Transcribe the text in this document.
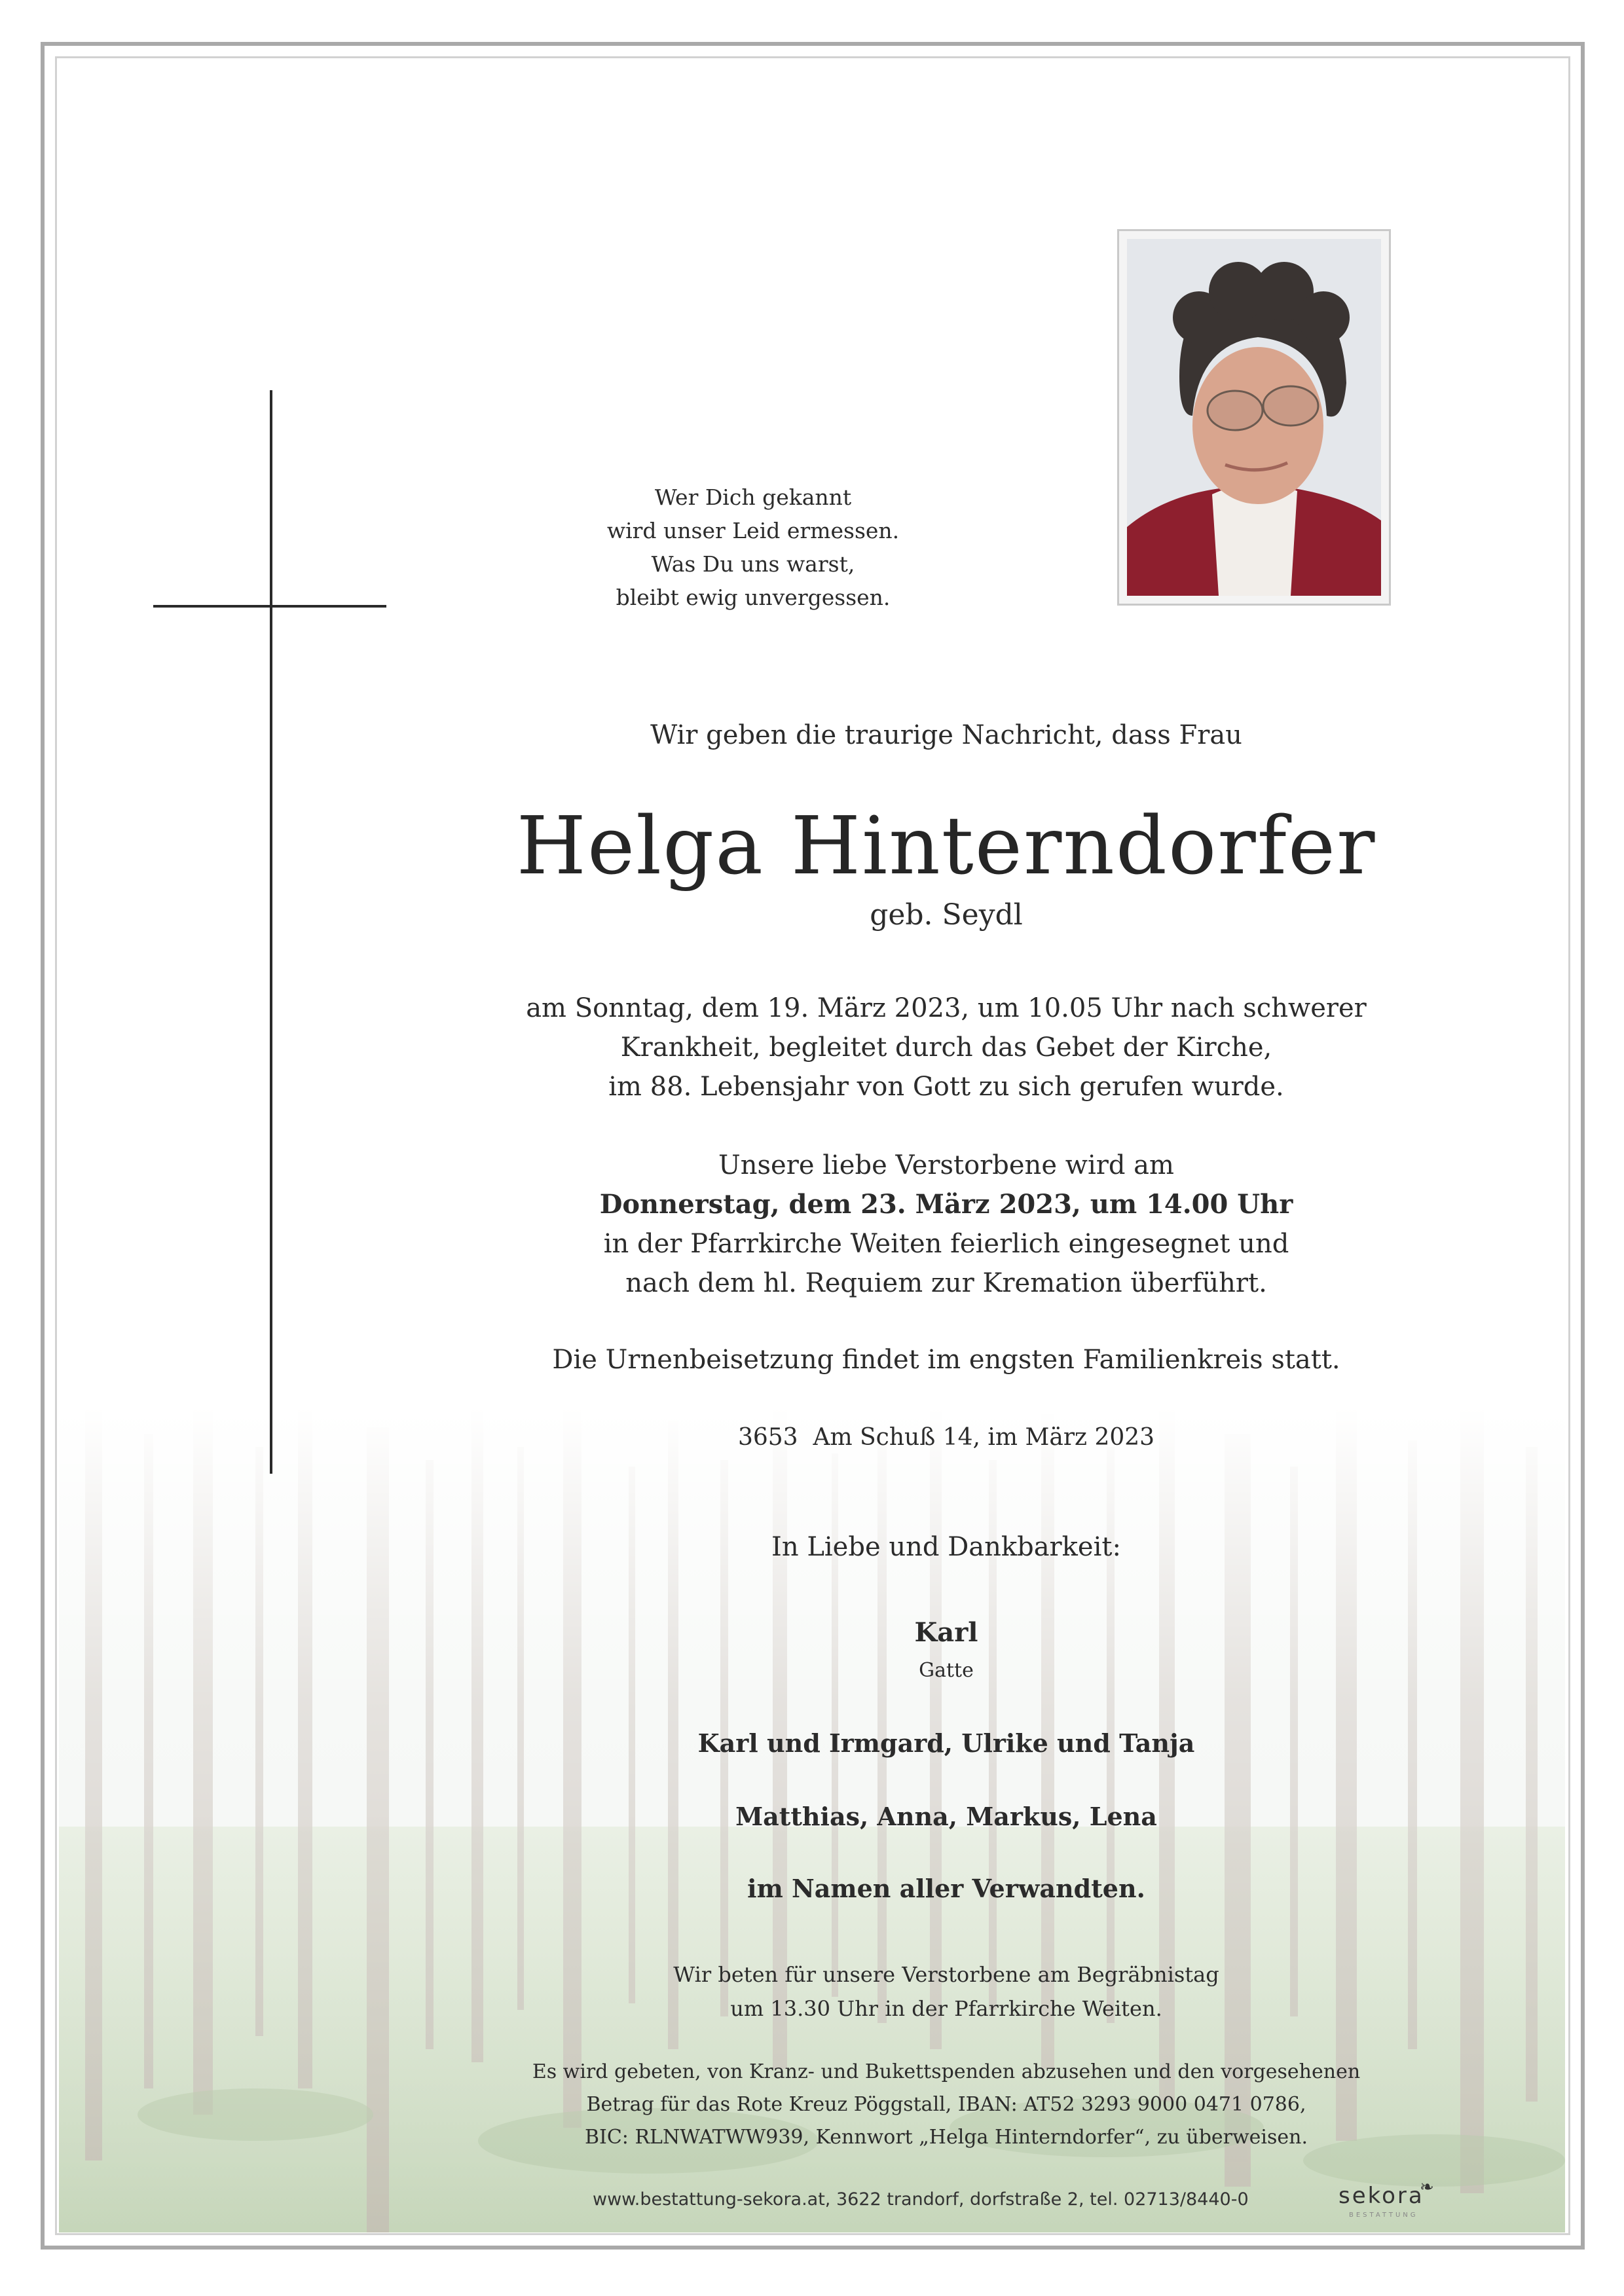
Wer Dich gekannt
wird unser Leid ermessen.
Was Du uns warst,
bleibt ewig unvergessen.
Wir geben die traurige Nachricht, dass Frau
Helga Hinterndorfer
geb. Seydl
am Sonntag, dem 19. März 2023, um 10.05 Uhr nach schwerer
Krankheit, begleitet durch das Gebet der Kirche,
im 88. Lebensjahr von Gott zu sich gerufen wurde.
Unsere liebe Verstorbene wird am
Donnerstag, dem 23. März 2023, um 14.00 Uhr
in der Pfarrkirche Weiten feierlich eingesegnet und
nach dem hl. Requiem zur Kremation überführt.
Die Urnenbeisetzung findet im engsten Familienkreis statt.
3653  Am Schuß 14, im März 2023
In Liebe und Dankbarkeit:
Karl
Gatte
Karl und Irmgard, Ulrike und Tanja
Matthias, Anna, Markus, Lena
im Namen aller Verwandten.
Wir beten für unsere Verstorbene am Begräbnistag
um 13.30 Uhr in der Pfarrkirche Weiten.
Es wird gebeten, von Kranz- und Bukettspenden abzusehen und den vorgesehenen
Betrag für das Rote Kreuz Pöggstall, IBAN: AT52 3293 9000 0471 0786,
BIC: RLNWATWW939, Kennwort „Helga Hinterndorfer“, zu überweisen.
www.bestattung-sekora.at, 3622 trandorf, dorfstraße 2, tel. 02713/8440-0	sekora
❧
BESTATTUNG
